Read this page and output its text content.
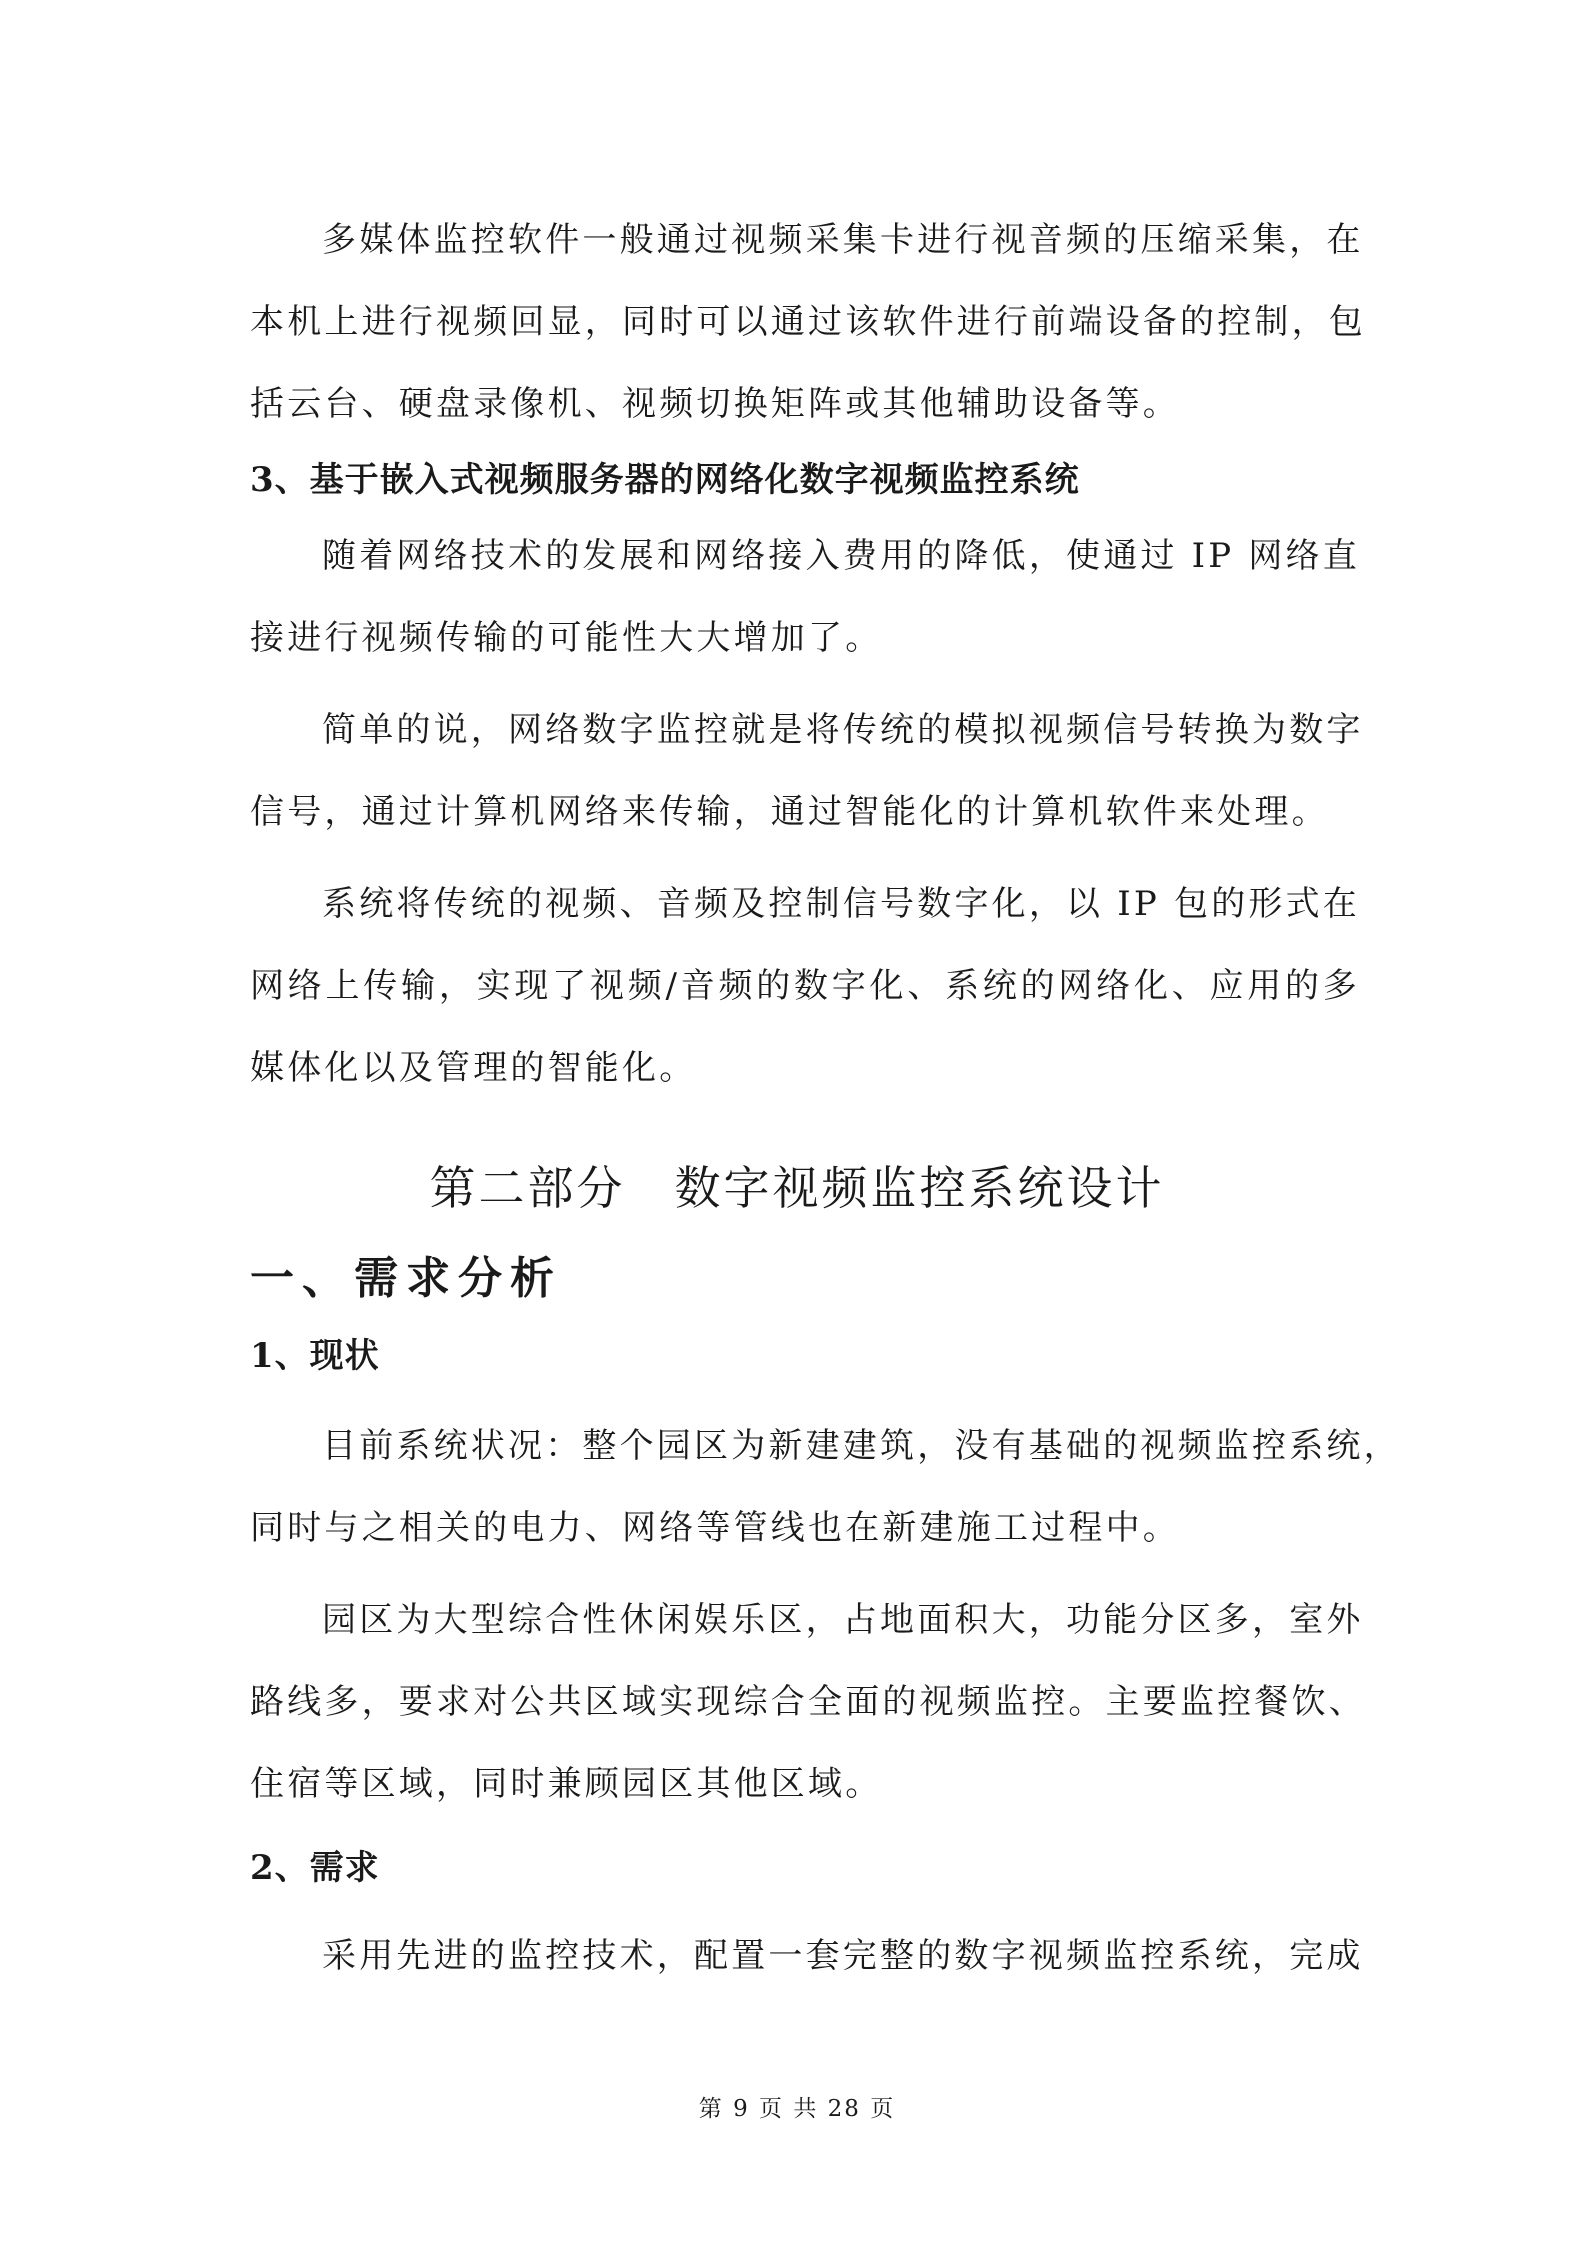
多媒体监控软件一般通过视频采集卡进行视音频的压缩采集，在
本机上进行视频回显，同时可以通过该软件进行前端设备的控制，包
括云台、硬盘录像机、视频切换矩阵或其他辅助设备等。
3、基于嵌入式视频服务器的网络化数字视频监控系统
随着网络技术的发展和网络接入费用的降低，使通过 IP 网络直
接进行视频传输的可能性大大增加了。
简单的说，网络数字监控就是将传统的模拟视频信号转换为数字
信号，通过计算机网络来传输，通过智能化的计算机软件来处理。
系统将传统的视频、音频及控制信号数字化，以 IP 包的形式在
网络上传输，实现了视频/音频的数字化、系统的网络化、应用的多
媒体化以及管理的智能化。
第二部分　数字视频监控系统设计
一、需求分析
1、现状
目前系统状况：整个园区为新建建筑，没有基础的视频监控系统，
同时与之相关的电力、网络等管线也在新建施工过程中。
园区为大型综合性休闲娱乐区，占地面积大，功能分区多，室外
路线多，要求对公共区域实现综合全面的视频监控。主要监控餐饮、
住宿等区域，同时兼顾园区其他区域。
2、需求
采用先进的监控技术，配置一套完整的数字视频监控系统，完成
第 9 页 共 28 页
